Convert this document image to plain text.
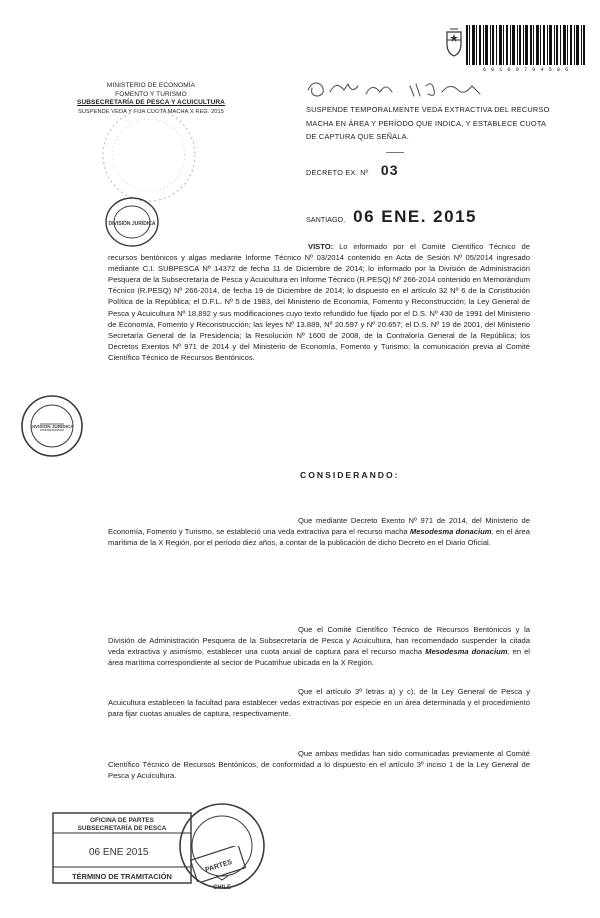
MINISTERIO DE ECONOMÍA
FOMENTO Y TURISMO
SUBSECRETARÍA DE PESCA Y ACUICULTURA
SUSPENDE VEDA Y FIJA CUOTA MACHA X REG. 2015
6 0 1 0 0 7 9 4 5 8 6
SUSPENDE TEMPORALMENTE VEDA EXTRACTIVA DEL RECURSO MACHA EN ÁREA Y PERÍODO QUE INDICA, Y ESTABLECE CUOTA DE CAPTURA QUE SEÑALA.
DECRETO EX. Nº 03
SANTIAGO, 06 ENE. 2015
VISTO: Lo informado por el Comité Científico Técnico de recursos bentónicos y algas mediante Informe Técnico Nº 03/2014 contenido en Acta de Sesión Nº 05/2014 ingresado mediante C.I. SUBPESCA Nº 14372 de fecha 11 de Diciembre de 2014; lo informado por la División de Administración Pesquera de la Subsecretaría de Pesca y Acuicultura en Informe Técnico (R.PESQ) Nº 266-2014 contenido en Memorándum Técnico (R.PESQ) Nº 266-2014, de fecha 19 de Diciembre de 2014; lo dispuesto en el artículo 32 Nº 6 de la Constitución Política de la República; el D.F.L. Nº 5 de 1983, del Ministerio de Economía, Fomento y Reconstrucción; la Ley General de Pesca y Acuicultura Nº 18.892 y sus modificaciones cuyo texto refundido fue fijado por el D.S. Nº 430 de 1991 del Ministerio de Economía, Fomento y Reconstrucción; las leyes Nº 13.889, Nº 20.597 y Nº 20.657; el D.S. Nº 19 de 2001, del Ministerio Secretaría General de la Presidencia; la Resolución Nº 1600 de 2008, de la Contraloría General de la República; los Decretos Exentos Nº 971 de 2014 y del Ministerio de Economía, Fomento y Turismo; la comunicación previa al Comité Científico Técnico de Recursos Bentónicos.
CONSIDERANDO:
Que mediante Decreto Exento Nº 971 de 2014, del Ministerio de Economía, Fomento y Turismo, se estableció una veda extractiva para el recurso macha Mesodesma donacium, en el área marítima de la X Región, por el período diez años, a contar de la publicación de dicho Decreto en el Diario Oficial.
Que el Comité Científico Técnico de Recursos Bentónicos y la División de Administración Pesquera de la Subsecretaría de Pesca y Acuicultura, han recomendado suspender la citada veda extractiva y asimismo, establecer una cuota anual de captura para el recurso macha Mesodesma donacium, en el área marítima correspondiente al sector de Pucatrihue ubicada en la X Región.
Que el artículo 3º letras a) y c), de la Ley General de Pesca y Acuicultura establecen la facultad para establecer vedas extractivas por especie en un área determinada y el procedimiento para fijar cuotas anuales de captura, respectivamente.
Que ambas medidas han sido comunicadas previamente al Comité Científico Técnico de Recursos Bentónicos, de conformidad a lo dispuesto en el artículo 3º inciso 1 de la Ley General de Pesca y Acuicultura.
DIVISIÓN JURÍDICA
DIVISIÓN JURÍDICA
OFICINA DE PARTES
SUBSECRETARÍA DE PESCA
06 ENE 2015
TÉRMINO DE TRAMITACIÓN
CHILE
PARTES
